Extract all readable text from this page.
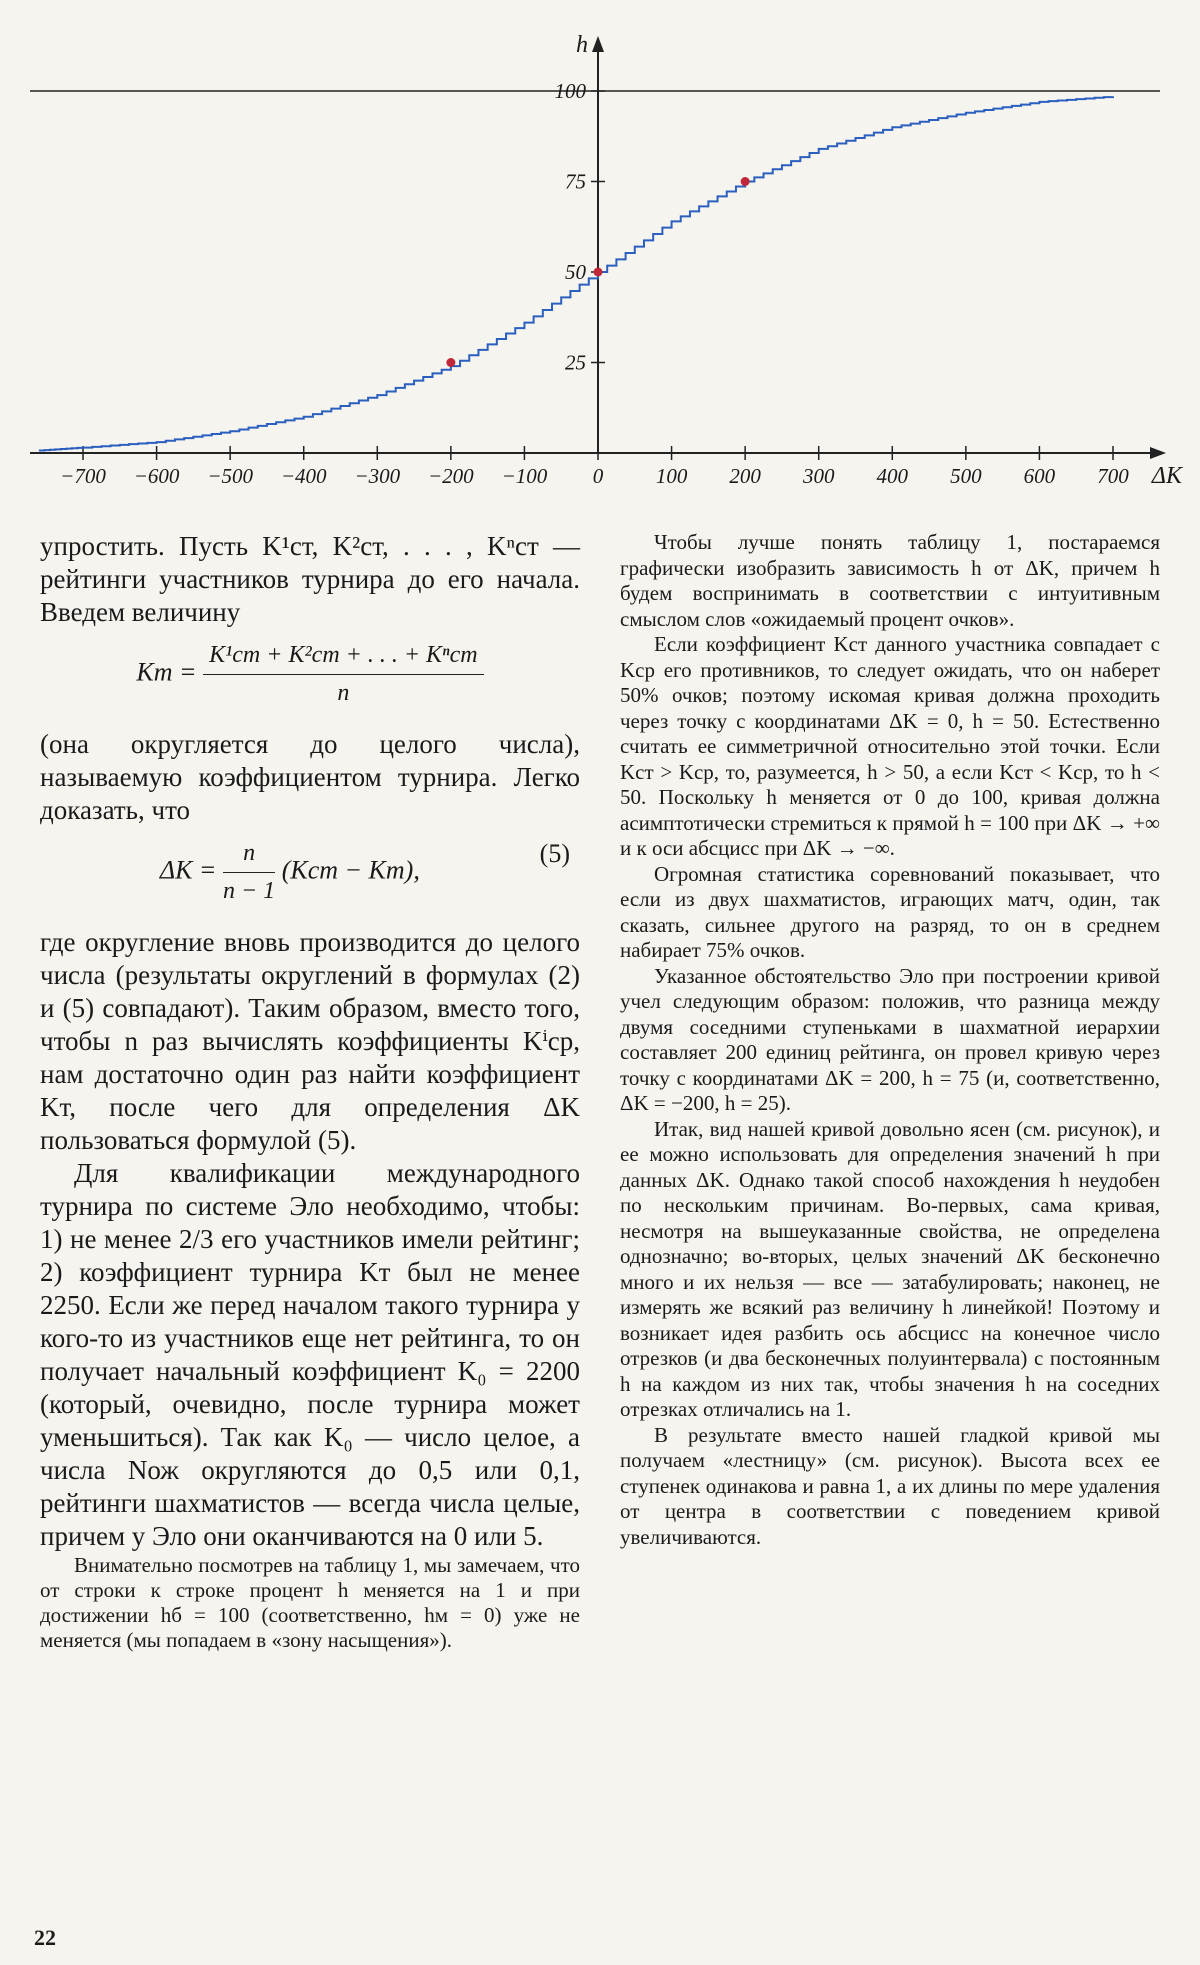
−700 −600 −500 −400 −300 −200 −100 0	100 200 300 400 500 600 700
25
50
75
100
h
ΔK

упростить. Пусть K¹ст, K²ст, . . . , Kⁿст — рейтинги участников турнира до его начала. Введем величину

Kт = $\frac{\text{K¹ст + K²ст + . . . + Kⁿст}}{n}$

(она округляется до целого числа), называемую коэффициентом турнира. Легко доказать, что

$\Delta K = \frac{n}{n - 1} (Kст - Kт)$,
(5)

где округление вновь производится до целого числа (результаты округлений в формулах (2) и (5) совпадают). Таким образом, вместо того, чтобы n раз вычислять коэффициенты Kⁱср, нам достаточно один раз найти коэффициент Kт, после чего для определения ΔK пользоваться формулой (5).

Для квалификации международного турнира по системе Эло необходимо, чтобы: 1) не менее 2/3 его участников имели рейтинг; 2) коэффициент турнира Kт был не менее 2250. Если же перед началом такого турнира у кого-то из участников еще нет рейтинга, то он получает начальный коэффициент K₀ = 2200 (который, очевидно, после турнира может уменьшиться). Так как K₀ — число целое, а числа Nож округляются до 0,5 или 0,1, рейтинги шахматистов — всегда числа целые, причем у Эло они оканчиваются на 0 или 5.

Внимательно посмотрев на таблицу 1, мы замечаем, что от строки к строке процент h меняется на 1 и при достижении hб = 100 (соответственно, hм = 0) уже не меняется (мы попадаем в «зону насыщения»).

Чтобы лучше понять таблицу 1, постараемся графически изобразить зависимость h от ΔK, причем h будем воспринимать в соответствии с интуитивным смыслом слов «ожидаемый процент очков».

Если коэффициент Kст данного участника совпадает с Kср его противников, то следует ожидать, что он наберет 50% очков; поэтому искомая кривая должна проходить через точку с координатами ΔK = 0, h = 50. Естественно считать ее симметричной относительно этой точки. Если Kст > Kср, то, разумеется, h > 50, а если Kст < Kср, то h < 50. Поскольку h меняется от 0 до 100, кривая должна асимптотически стремиться к прямой h = 100 при ΔK → +∞ и к оси абсцисс при ΔK → −∞.

Огромная статистика соревнований показывает, что если из двух шахматистов, играющих матч, один, так сказать, сильнее другого на разряд, то он в среднем набирает 75% очков.

Указанное обстоятельство Эло при построении кривой учел следующим образом: положив, что разница между двумя соседними ступеньками в шахматной иерархии составляет 200 единиц рейтинга, он провел кривую через точку с координатами ΔK = 200, h = 75 (и, соответственно, ΔK = −200, h = 25).

Итак, вид нашей кривой довольно ясен (см. рисунок), и ее можно использовать для определения значений h при данных ΔK. Однако такой способ нахождения h неудобен по нескольким причинам. Во-первых, сама кривая, несмотря на вышеуказанные свойства, не определена однозначно; во-вторых, целых значений ΔK бесконечно много и их нельзя — все — затабулировать; наконец, не измерять же всякий раз величину h линейкой! Поэтому и возникает идея разбить ось абсцисс на конечное число отрезков (и два бесконечных полуинтервала) с постоянным h на каждом из них так, чтобы значения h на соседних отрезках отличались на 1.

В результате вместо нашей гладкой кривой мы получаем «лестницу» (см. рисунок). Высота всех ее ступенек одинакова и равна 1, а их длины по мере удаления от центра в соответствии с поведением кривой увеличиваются.

22
